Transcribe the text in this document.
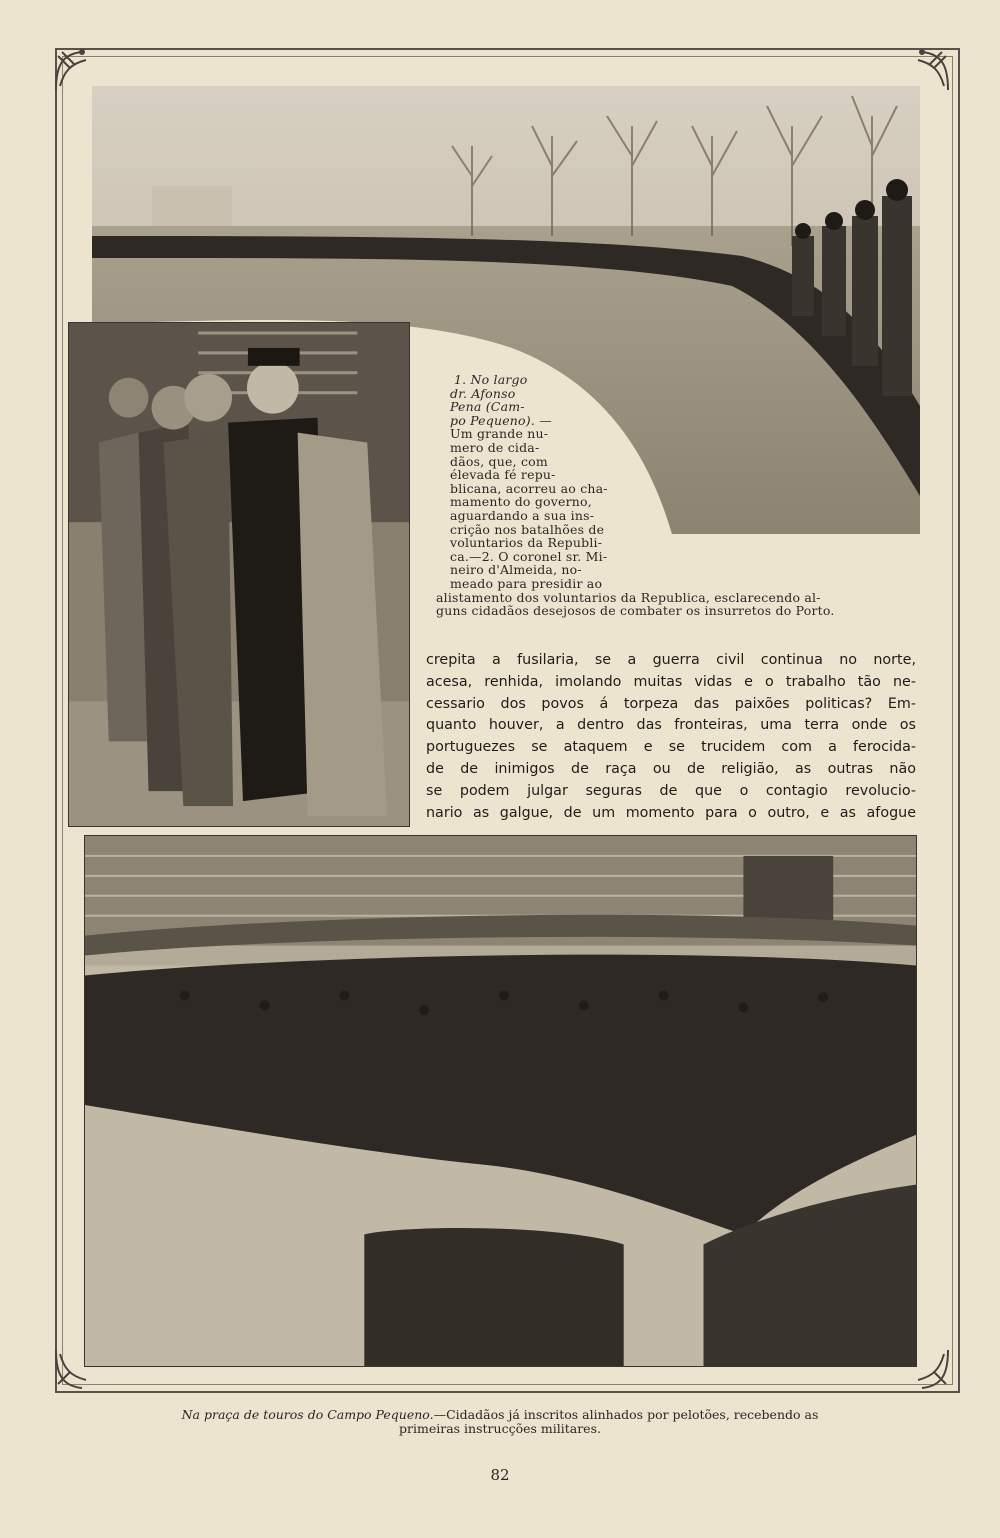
1. No largo
dr. Afonso
Pena (Cam-
po Pequeno). —
Um grande nu-
mero de cida-
dãos, que, com
élevada fé repu-
blicana, acorreu ao cha-
mamento do governo,
aguardando a sua ins-
crição nos batalhões de
voluntarios da Republi-
ca.—2. O coronel sr. Mi-
neiro d'Almeida, no-
meado para presidir ao
alistamento dos voluntarios da Republica, esclarecendo al-
guns cidadãos desejosos de combater os insurretos do Porto.
crepita a fusilaria, se a guerra civil continua no norte,
acesa, renhida, imolando muitas vidas e o trabalho tão ne-
cessario dos povos á torpeza das paixões politicas? Em-
quanto houver, a dentro das fronteiras, uma terra onde os
portuguezes se ataquem e se trucidem com a ferocida-
de de inimigos de raça ou de religião, as outras não
se podem julgar seguras de que o contagio revolucio-
nario as galgue, de um momento para o outro, e as afogue
Na praça de touros do Campo Pequeno.—Cidadãos já inscritos alinhados por pelotões, recebendo as
primeiras instrucções militares.
82
